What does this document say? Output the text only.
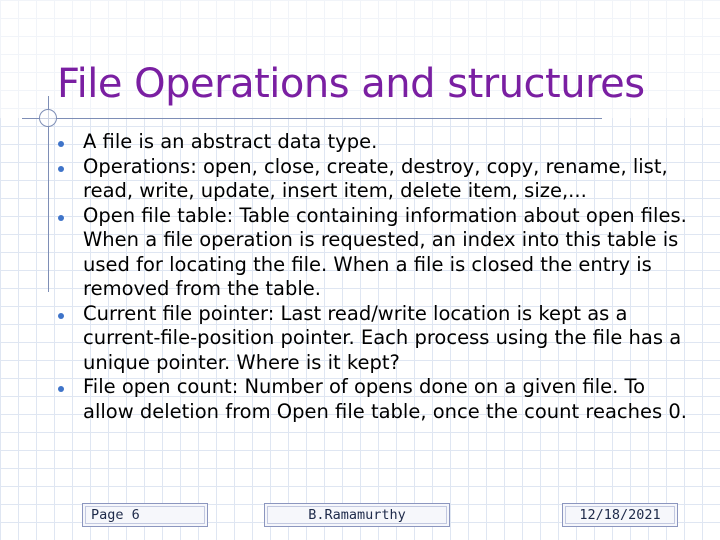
File Operations and structures
A file is an abstract data type.
Operations: open, close, create, destroy, copy, rename, list, read, write, update, insert item, delete item, size,...
Open file table: Table containing information about open files. When a file operation is requested, an index into this table is used for locating the file. When a file is closed the entry is removed from the table.
Current file pointer: Last read/write location is kept as a current-file-position pointer. Each process using the file has a unique pointer. Where is it kept?
File open count: Number of opens done on a given file. To allow deletion from Open file table, once the count reaches 0.
Page 6	B.Ramamurthy	12/18/2021
